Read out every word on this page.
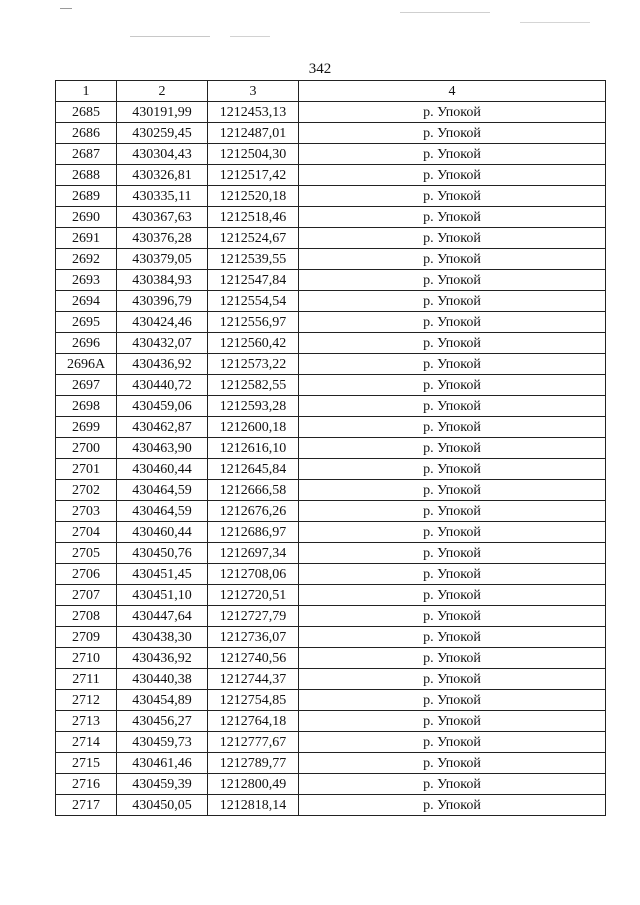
342
1	2	3	4
2685	430191,99	1212453,13	р. Упокой
2686	430259,45	1212487,01	р. Упокой
2687	430304,43	1212504,30	р. Упокой
2688	430326,81	1212517,42	р. Упокой
2689	430335,11	1212520,18	р. Упокой
2690	430367,63	1212518,46	р. Упокой
2691	430376,28	1212524,67	р. Упокой
2692	430379,05	1212539,55	р. Упокой
2693	430384,93	1212547,84	р. Упокой
2694	430396,79	1212554,54	р. Упокой
2695	430424,46	1212556,97	р. Упокой
2696	430432,07	1212560,42	р. Упокой
2696А	430436,92	1212573,22	р. Упокой
2697	430440,72	1212582,55	р. Упокой
2698	430459,06	1212593,28	р. Упокой
2699	430462,87	1212600,18	р. Упокой
2700	430463,90	1212616,10	р. Упокой
2701	430460,44	1212645,84	р. Упокой
2702	430464,59	1212666,58	р. Упокой
2703	430464,59	1212676,26	р. Упокой
2704	430460,44	1212686,97	р. Упокой
2705	430450,76	1212697,34	р. Упокой
2706	430451,45	1212708,06	р. Упокой
2707	430451,10	1212720,51	р. Упокой
2708	430447,64	1212727,79	р. Упокой
2709	430438,30	1212736,07	р. Упокой
2710	430436,92	1212740,56	р. Упокой
2711	430440,38	1212744,37	р. Упокой
2712	430454,89	1212754,85	р. Упокой
2713	430456,27	1212764,18	р. Упокой
2714	430459,73	1212777,67	р. Упокой
2715	430461,46	1212789,77	р. Упокой
2716	430459,39	1212800,49	р. Упокой
2717	430450,05	1212818,14	р. Упокой
